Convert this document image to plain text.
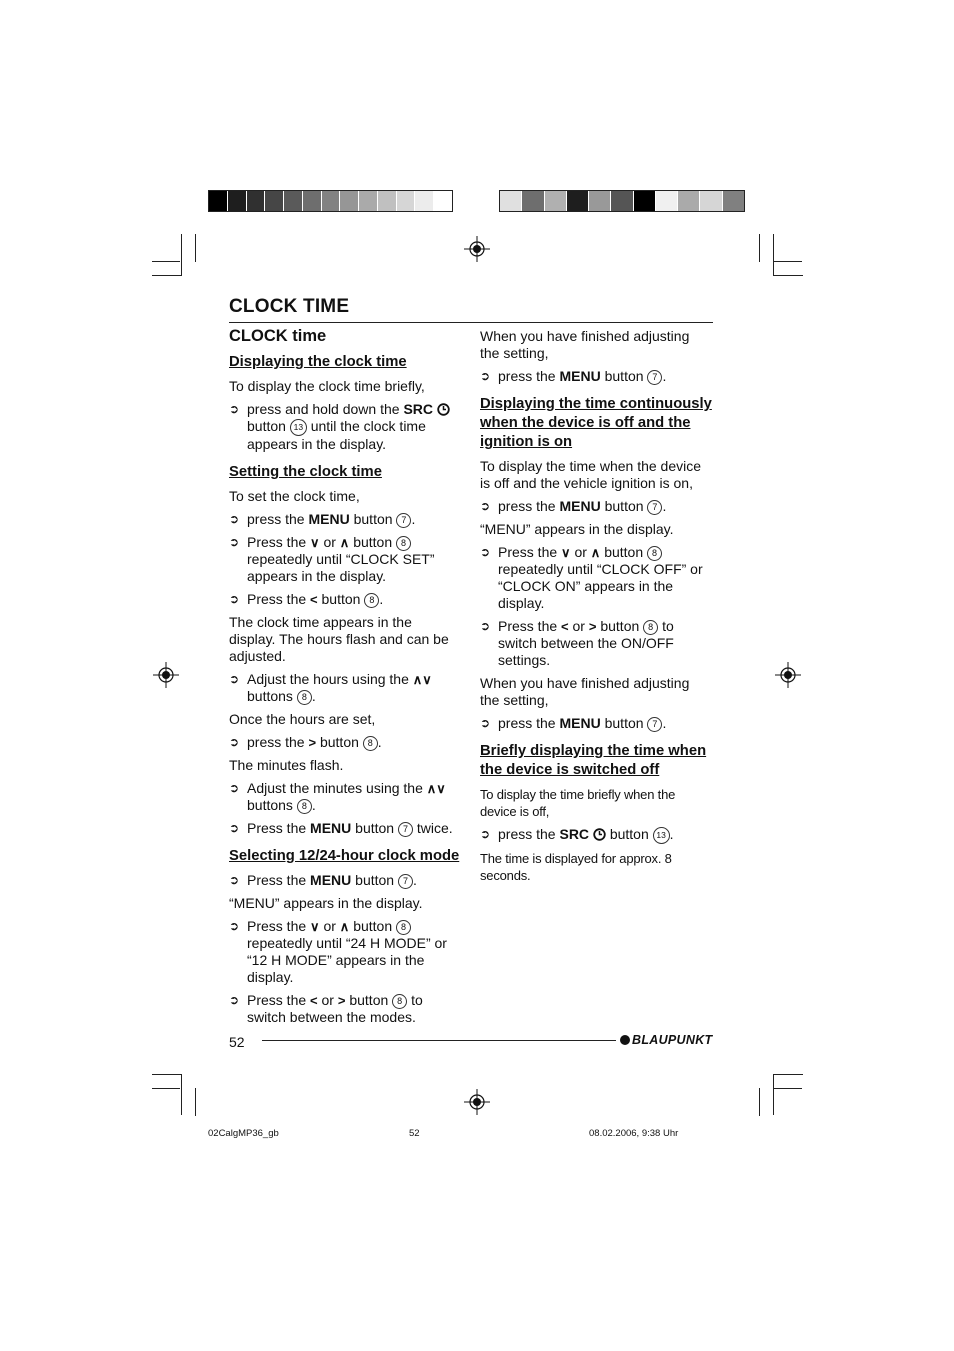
CLOCK TIME
CLOCK time
Displaying the clock time

To display the clock time briefly,

➲ press and hold down the SRC  button 13 until the clock time appears in the display.
Setting the clock time

To set the clock time,

➲ press the MENU button 7 .
➲ Press the ∨ or ∧ button 8 repeatedly until “CLOCK SET” appears in the display.
➲ Press the < button 8 .

The clock time appears in the display. The hours flash and can be adjusted.

➲ Adjust the hours using the ∧∨ buttons 8 .

Once the hours are set,

➲ press the > button 8 .

The minutes flash.

➲ Adjust the minutes using the ∧∨ buttons 8 .
➲ Press the MENU button 7 twice.
Selecting 12/24-hour clock mode
➲ Press the MENU button 7 .

“MENU” appears in the display.

➲ Press the ∨ or ∧ button 8 repeatedly until “24 H MODE” or “12 H MODE” appears in the display.
➲ Press the < or > button 8 to switch between the modes.

When you have finished adjusting the setting,

➲ press the MENU button 7 .
Displaying the time continuously when the device is off and the ignition is on

To display the time when the device is off and the vehicle ignition is on,

➲ press the MENU button 7 .

“MENU” appears in the display.

➲ Press the ∨ or ∧ button 8 repeatedly until “CLOCK OFF” or “CLOCK ON” appears in the display.
➲ Press the < or > button 8 to switch between the ON/OFF settings.

When you have finished adjusting the setting,

➲ press the MENU button 7 .
Briefly displaying the time when the device is switched off

To display the time briefly when the device is off,

➲ press the SRC button 13 .

The time is displayed for approx. 8 seconds.

52	BLAUPUNKT
02CalgMP36_gb	52	08.02.2006, 9:38 Uhr
